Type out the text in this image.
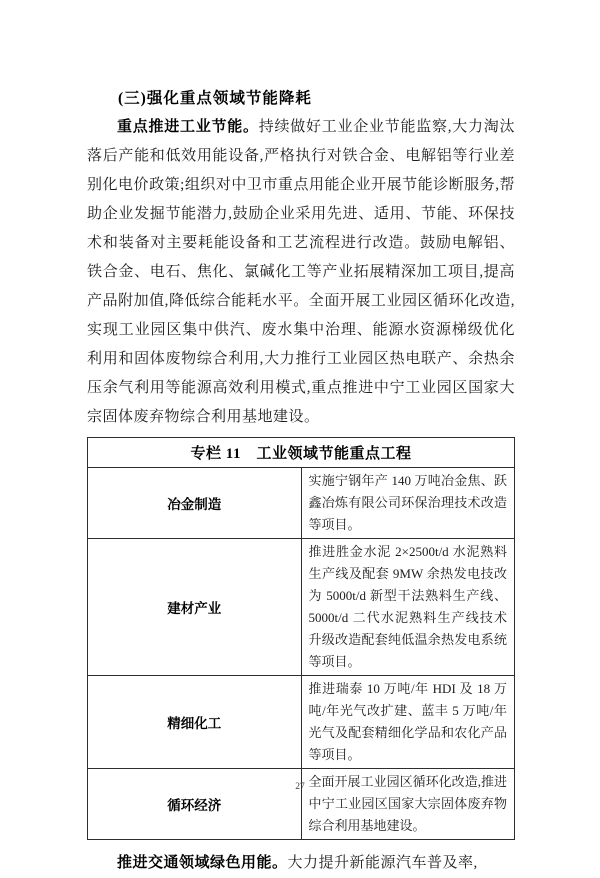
(三)强化重点领域节能降耗

重点推进工业节能。持续做好工业企业节能监察,大力淘汰落后产能和低效用能设备,严格执行对铁合金、电解铝等行业差别化电价政策;组织对中卫市重点用能企业开展节能诊断服务,帮助企业发掘节能潜力,鼓励企业采用先进、适用、节能、环保技术和装备对主要耗能设备和工艺流程进行改造。鼓励电解铝、铁合金、电石、焦化、氯碱化工等产业拓展精深加工项目,提高产品附加值,降低综合能耗水平。全面开展工业园区循环化改造,实现工业园区集中供汽、废水集中治理、能源水资源梯级优化利用和固体废物综合利用,大力推行工业园区热电联产、余热余压余气利用等能源高效利用模式,重点推进中宁工业园区国家大宗固体废弃物综合利用基地建设。

专栏 11　工业领域节能重点工程	
冶金制造	实施宁钢年产 140 万吨冶金焦、跃鑫冶炼有限公司环保治理技术改造等项目。
建材产业	推进胜金水泥 2×2500t/d 水泥熟料生产线及配套 9MW 余热发电技改为 5000t/d 新型干法熟料生产线、5000t/d 二代水泥熟料生产线技术升级改造配套纯低温余热发电系统等项目。
精细化工	推进瑞泰 10 万吨/年 HDI 及 18 万吨/年光气改扩建、蓝丰 5 万吨/年光气及配套精细化学品和农化产品等项目。
循环经济	全面开展工业园区循环化改造,推进中宁工业园区国家大宗固体废弃物综合利用基地建设。

推进交通领域绿色用能。大力提升新能源汽车普及率,

27
